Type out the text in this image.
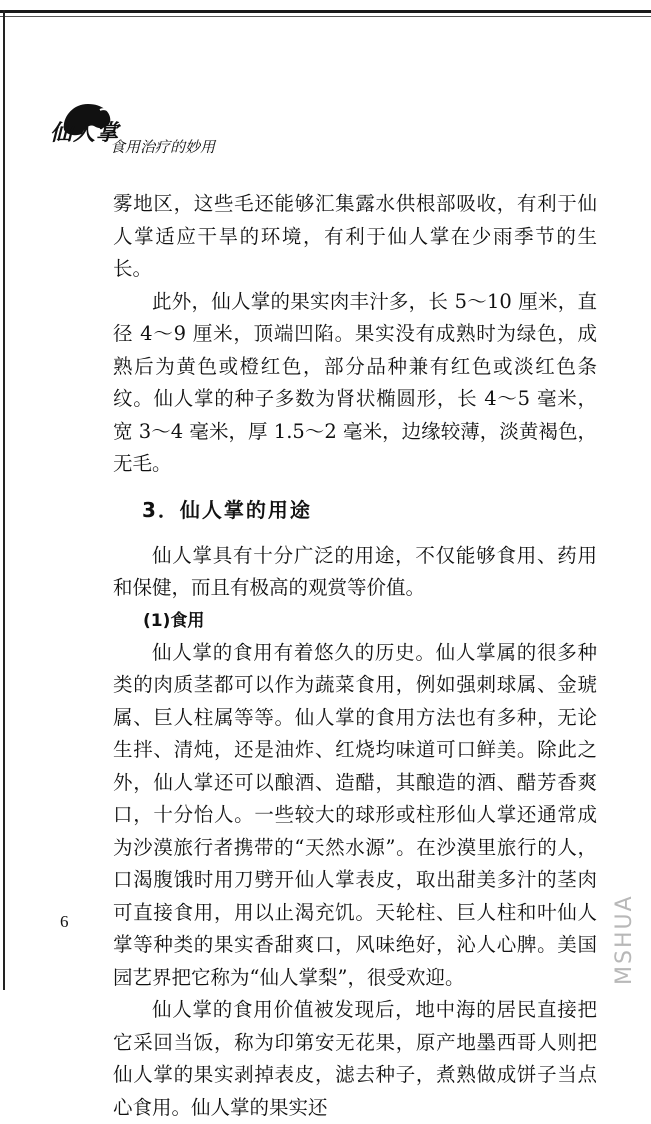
仙人掌
食用治疗的妙用

雾地区，这些毛还能够汇集露水供根部吸收，有利于仙人掌适应干旱的环境，有利于仙人掌在少雨季节的生长。

此外，仙人掌的果实肉丰汁多，长 5～10 厘米，直径 4～9 厘米，顶端凹陷。果实没有成熟时为绿色，成熟后为黄色或橙红色，部分品种兼有红色或淡红色条纹。仙人掌的种子多数为肾状椭圆形，长 4～5 毫米，宽 3～4 毫米，厚 1.5～2 毫米，边缘较薄，淡黄褐色，无毛。

3．仙人掌的用途

仙人掌具有十分广泛的用途，不仅能够食用、药用和保健，而且有极高的观赏等价值。

(1)食用

仙人掌的食用有着悠久的历史。仙人掌属的很多种类的肉质茎都可以作为蔬菜食用，例如强刺球属、金琥属、巨人柱属等等。仙人掌的食用方法也有多种，无论生拌、清炖，还是油炸、红烧均味道可口鲜美。除此之外，仙人掌还可以酿酒、造醋，其酿造的酒、醋芳香爽口，十分怡人。一些较大的球形或柱形仙人掌还通常成为沙漠旅行者携带的“天然水源”。在沙漠里旅行的人，口渴腹饿时用刀劈开仙人掌表皮，取出甜美多汁的茎肉可直接食用，用以止渴充饥。天轮柱、巨人柱和叶仙人掌等种类的果实香甜爽口，风味绝好，沁人心脾。美国园艺界把它称为“仙人掌梨”，很受欢迎。

仙人掌的食用价值被发现后，地中海的居民直接把它采回当饭，称为印第安无花果，原产地墨西哥人则把仙人掌的果实剥掉表皮，滤去种子，煮熟做成饼子当点心食用。仙人掌的果实还

6	MSHUA
